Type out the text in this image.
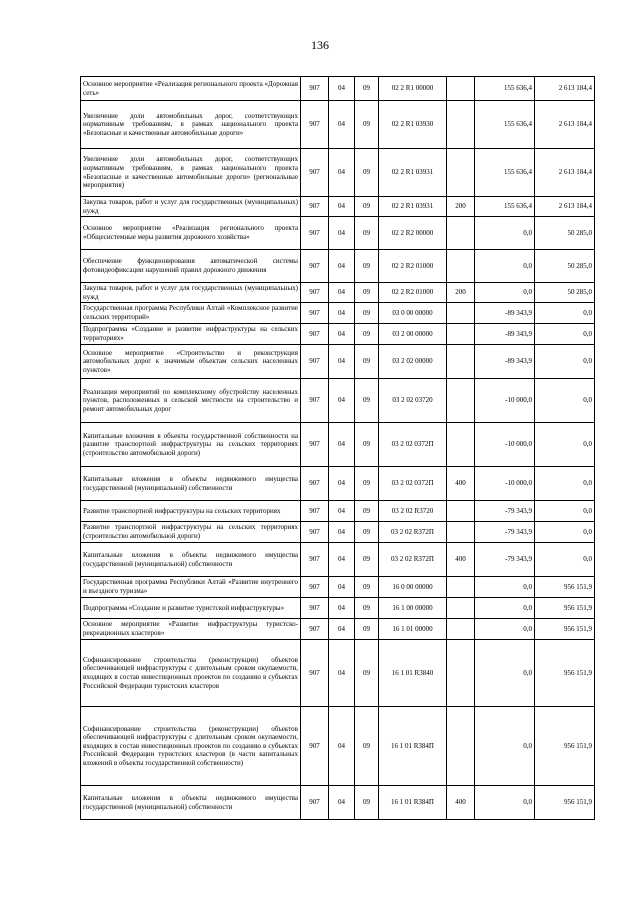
136
Основное мероприятие «Реализация регионального проекта «Дорожная сеть»	907	04	09	02 2 R1 00000		155 636,4	2 613 184,4
Увеличение доли автомобильных дорог, соответствующих нормативным требованиям, в рамках национального проекта «Безопасные и качественные автомобильные дороги»	907	04	09	02 2 R1 03930		155 636,4	2 613 184,4
Увеличение доли автомобильных дорог, соответствующих нормативным требованиям, в рамках национального проекта «Безопасные и качественные автомобильные дороги» (региональные мероприятия)	907	04	09	02 2 R1 03931		155 636,4	2 613 184,4
Закупка товаров, работ и услуг для государственных (муниципальных) нужд	907	04	09	02 2 R1 03931	200	155 636,4	2 613 184,4
Основное мероприятие «Реализация регионального проекта «Общесистемные меры развития дорожного хозяйства»	907	04	09	02 2 R2 00000		0,0	50 285,0
Обеспечение функционирования автоматической системы фотовидеофиксации нарушений правил дорожного движения	907	04	09	02 2 R2 01000		0,0	50 285,0
Закупка товаров, работ и услуг для государственных (муниципальных) нужд	907	04	09	02 2 R2 01000	200	0,0	50 285,0
Государственная программа Республики Алтай «Комплексное развитие сельских территорий»	907	04	09	03 0 00 00000		-89 343,9	0,0
Подпрограмма «Создание и развитие инфраструктуры на сельских территориях»	907	04	09	03 2 00 00000		-89 343,9	0,0
Основное мероприятие «Строительство и реконструкция автомобильных дорог к значимым объектам сельских населенных пунктов»	907	04	09	03 2 02 00000		-89 343,9	0,0
Реализация мероприятий по комплексному обустройству населенных пунктов, расположенных в сельской местности на строительство и ремонт автомобильных дорог	907	04	09	03 2 02 03720		-10 000,0	0,0
Капитальные вложения в объекты государственной собственности на развитие транспортной инфраструктуры на сельских территориях (строительство автомобильной дороги)	907	04	09	03 2 02 0372П		-10 000,0	0,0
Капитальные вложения в объекты недвижимого имущества государственной (муниципальной) собственности	907	04	09	03 2 02 0372П	400	-10 000,0	0,0
Развитие транспортной инфраструктуры на сельских территориях	907	04	09	03 2 02 R3720		-79 343,9	0,0
Развитие транспортной инфраструктуры на сельских территориях (строительство автомобильной дороги)	907	04	09	03 2 02 R372П		-79 343,9	0,0
Капитальные вложения в объекты недвижимого имущества государственной (муниципальной) собственности	907	04	09	03 2 02 R372П	400	-79 343,9	0,0
Государственная программа Республики Алтай «Развитие внутреннего и въездного туризма»	907	04	09	16 0 00 00000		0,0	956 151,9
Подпрограмма «Создание и развитие туристской инфраструктуры»	907	04	09	16 1 00 00000		0,0	956 151,9
Основное мероприятие «Развитие инфраструктуры туристско-рекреационных кластеров»	907	04	09	16 1 01 00000		0,0	956 151,9
Софинансирование строительства (реконструкции) объектов обеспечивающей инфраструктуры с длительным сроком окупаемости, входящих в состав инвестиционных проектов по созданию в субъектах Российской Федерации туристских кластеров	907	04	09	16 1 01 R3840		0,0	956 151,9
Софинансирование строительства (реконструкции) объектов обеспечивающей инфраструктуры с длительным сроком окупаемости, входящих в состав инвестиционных проектов по созданию в субъектах Российской Федерации туристских кластеров (в части капитальных вложений в объекты государственной собственности)	907	04	09	16 1 01 R384П		0,0	956 151,9
Капитальные вложения в объекты недвижимого имущества государственной (муниципальной) собственности	907	04	09	16 1 01 R384П	400	0,0	956 151,9
